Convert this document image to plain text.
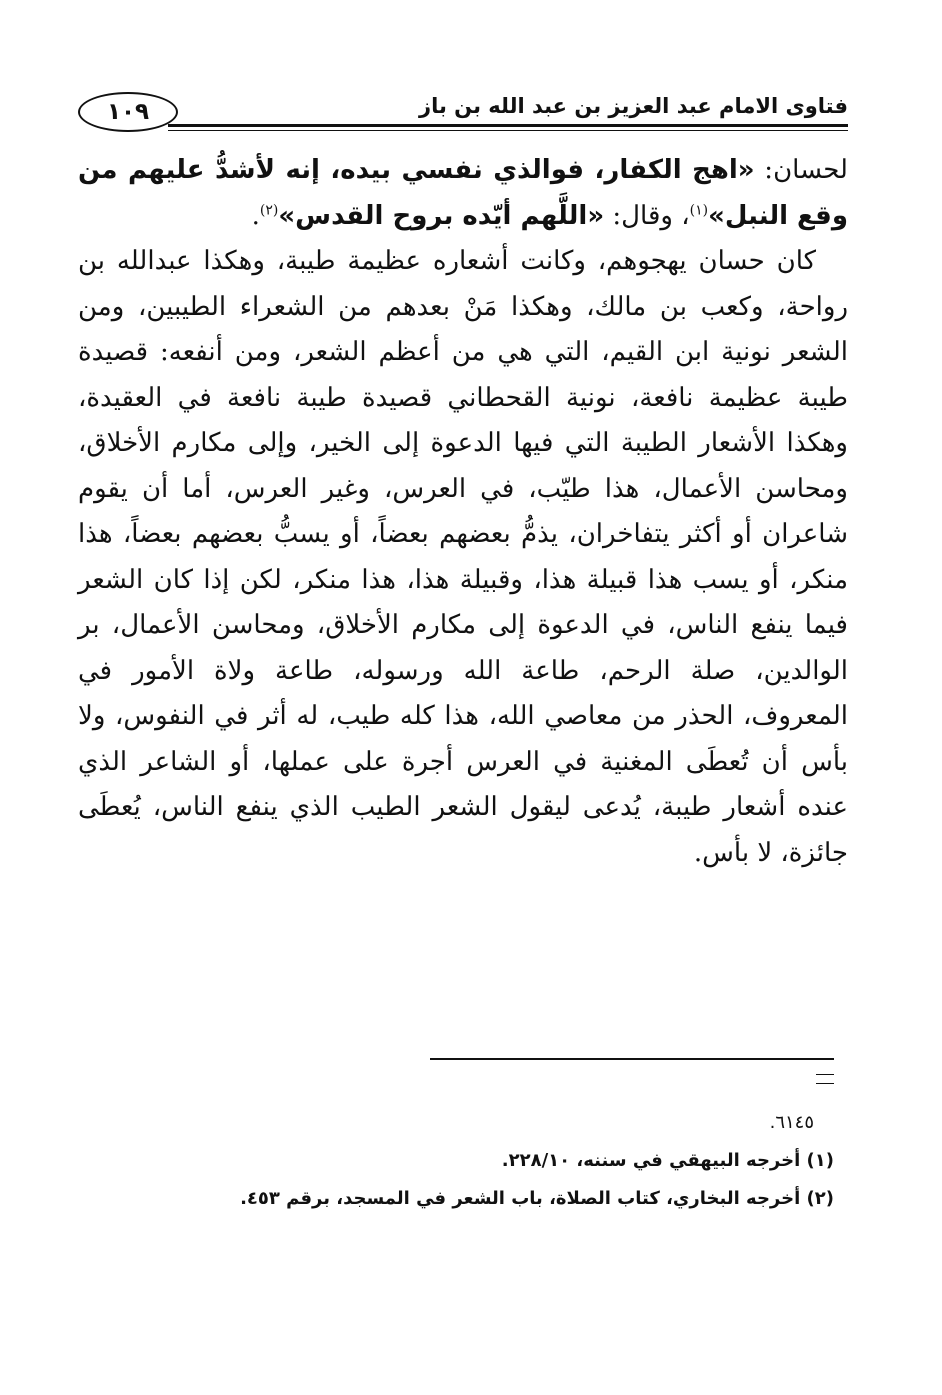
فتاوى الامام عبد العزيز بن عبد الله بن باز
١٠٩

لحسان: «اهج الكفار، فوالذي نفسي بيده، إنه لأشدُّ عليهم من وقع النبل»$^{(١)}$، وقال: «اللَّهم أيّده بروح القدس»$^{(٢)}$.

كان حسان يهجوهم، وكانت أشعاره عظيمة طيبة، وهكذا عبدالله بن رواحة، وكعب بن مالك، وهكذا مَنْ بعدهم من الشعراء الطيبين، ومن الشعر نونية ابن القيم، التي هي من أعظم الشعر، ومن أنفعه: قصيدة طيبة عظيمة نافعة، نونية القحطاني قصيدة طيبة نافعة في العقيدة، وهكذا الأشعار الطيبة التي فيها الدعوة إلى الخير، وإلى مكارم الأخلاق، ومحاسن الأعمال، هذا طيّب، في العرس، وغير العرس، أما أن يقوم شاعران أو أكثر يتفاخران، يذمُّ بعضهم بعضاً، أو يسبُّ بعضهم بعضاً، هذا منكر، أو يسب هذا قبيلة هذا، وقبيلة هذا، هذا منكر، لكن إذا كان الشعر فيما ينفع الناس، في الدعوة إلى مكارم الأخلاق، ومحاسن الأعمال، بر الوالدين، صلة الرحم، طاعة الله ورسوله، طاعة ولاة الأمور في المعروف، الحذر من معاصي الله، هذا كله طيب، له أثر في النفوس، ولا بأس أن تُعطَى المغنية في العرس أجرة على عملها، أو الشاعر الذي عنده أشعار طيبة، يُدعى ليقول الشعر الطيب الذي ينفع الناس، يُعطَى جائزة، لا بأس.

٦١٤٥.
(١) أخرجه البيهقي في سننه، ٢٢٨/١٠.
(٢) أخرجه البخاري، كتاب الصلاة، باب الشعر في المسجد، برقم ٤٥٣.
